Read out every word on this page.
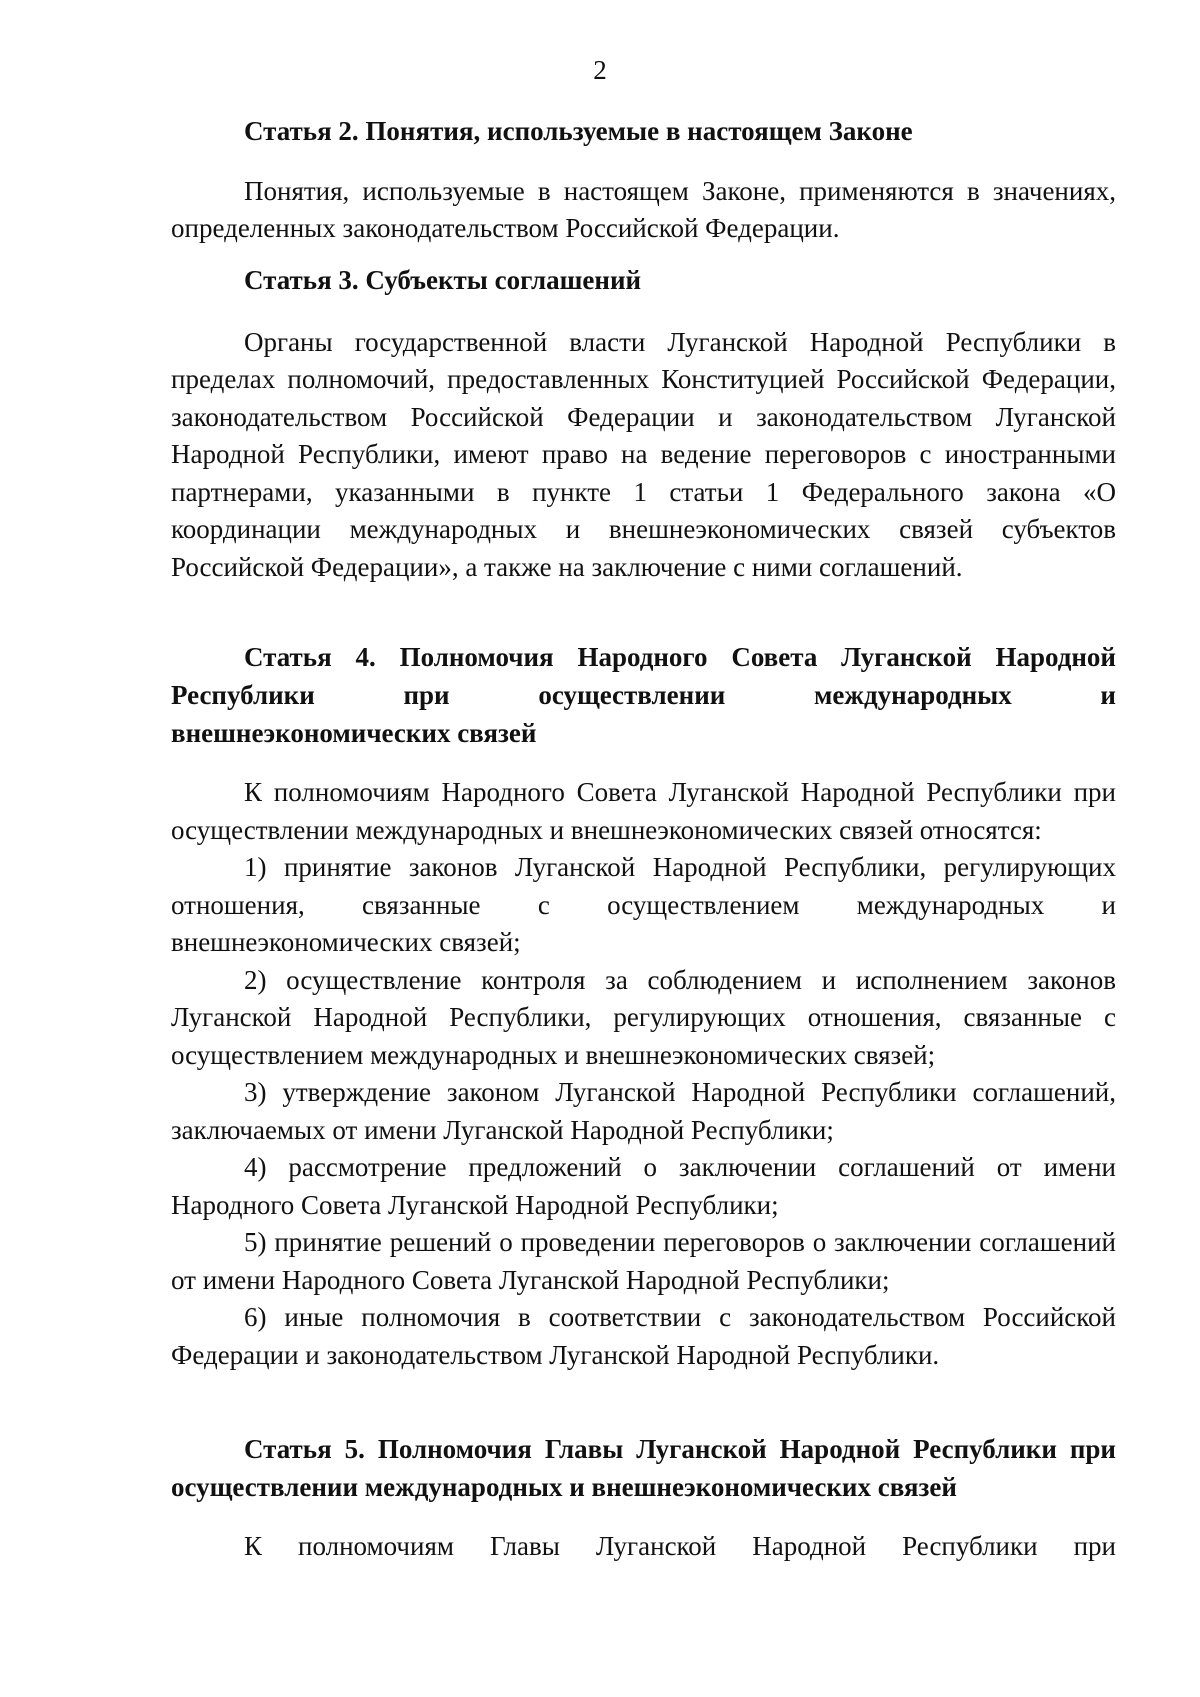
2

Статья 2. Понятия, используемые в настоящем Законе

Понятия, используемые в настоящем Законе, применяются в значениях, определенных законодательством Российской Федерации.

Статья 3. Субъекты соглашений

Органы государственной власти Луганской Народной Республики в пределах полномочий, предоставленных Конституцией Российской Федерации, законодательством Российской Федерации и законодательством Луганской Народной Республики, имеют право на ведение переговоров с иностранными партнерами, указанными в пункте 1 статьи 1 Федерального закона «О координации международных и внешнеэкономических связей субъектов Российской Федерации», а также на заключение с ними соглашений.

Статья 4. Полномочия Народного Совета Луганской Народной Республики при осуществлении международных и

внешнеэкономических связей

К полномочиям Народного Совета Луганской Народной Республики при осуществлении международных и внешнеэкономических связей относятся:

1) принятие законов Луганской Народной Республики, регулирующих отношения, связанные с осуществлением международных и внешнеэкономических связей;

2) осуществление контроля за соблюдением и исполнением законов Луганской Народной Республики, регулирующих отношения, связанные с осуществлением международных и внешнеэкономических связей;

3) утверждение законом Луганской Народной Республики соглашений, заключаемых от имени Луганской Народной Республики;

4) рассмотрение предложений о заключении соглашений от имени Народного Совета Луганской Народной Республики;

5) принятие решений о проведении переговоров о заключении соглашений от имени Народного Совета Луганской Народной Республики;

6) иные полномочия в соответствии с законодательством Российской Федерации и законодательством Луганской Народной Республики.

Статья 5. Полномочия Главы Луганской Народной Республики при осуществлении международных и внешнеэкономических связей

К полномочиям Главы Луганской Народной Республики при
